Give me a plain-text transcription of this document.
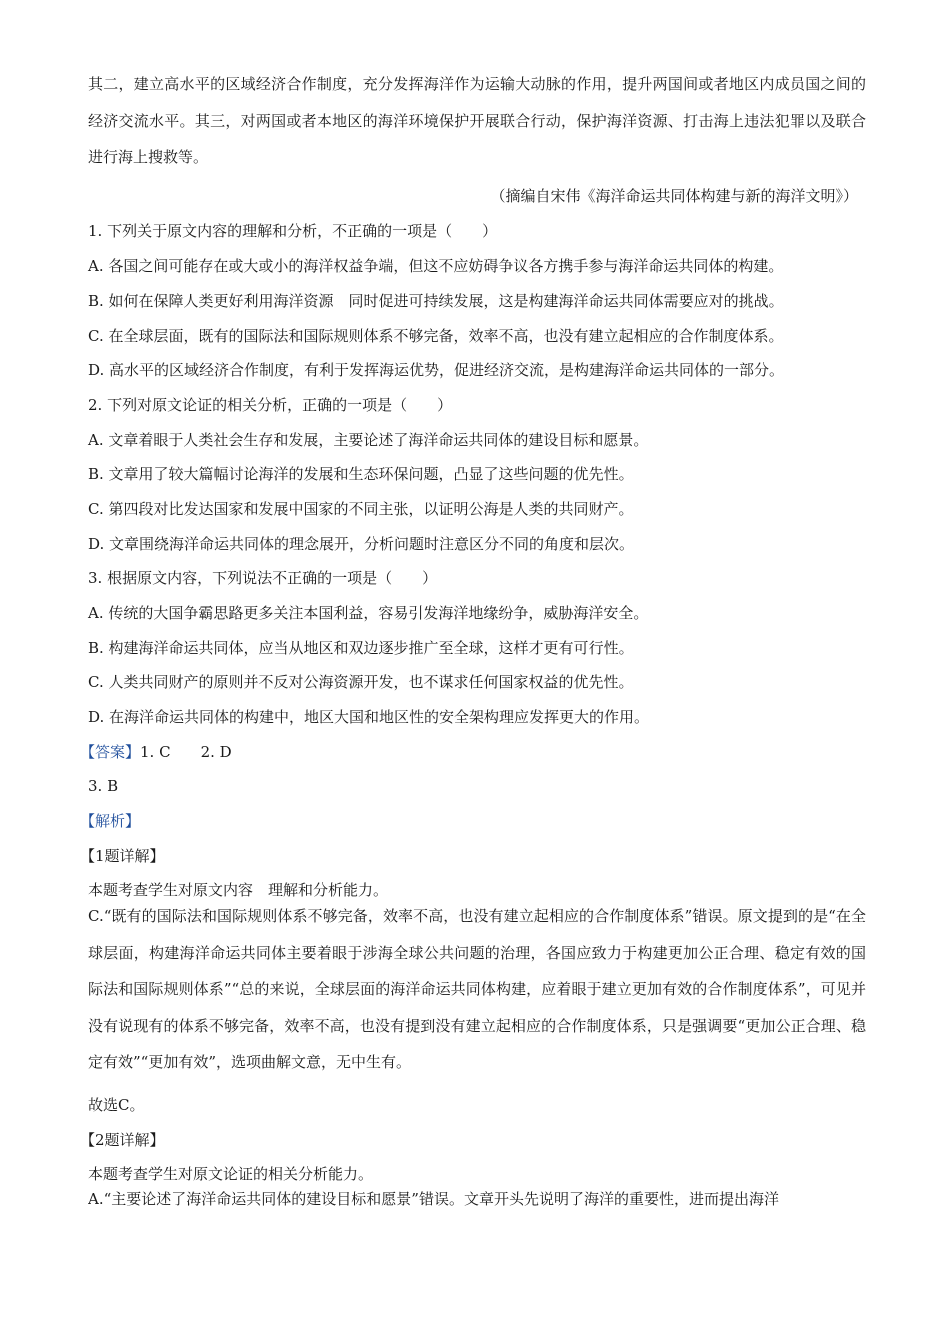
其二，建立高水平的区域经济合作制度，充分发挥海洋作为运输大动脉的作用，提升两国间或者地区内成员国之间的经济交流水平。其三，对两国或者本地区的海洋环境保护开展联合行动，保护海洋资源、打击海上违法犯罪以及联合进行海上搜救等。

（摘编自宋伟《海洋命运共同体构建与新的海洋文明》）
1. 下列关于原文内容的理解和分析，不正确的一项是（　　）
A. 各国之间可能存在或大或小的海洋权益争端，但这不应妨碍争议各方携手参与海洋命运共同体的构建。
B. 如何在保障人类更好利用海洋资源　同时促进可持续发展，这是构建海洋命运共同体需要应对的挑战。
C. 在全球层面，既有的国际法和国际规则体系不够完备，效率不高，也没有建立起相应的合作制度体系。
D. 高水平的区域经济合作制度，有利于发挥海运优势，促进经济交流，是构建海洋命运共同体的一部分。
2. 下列对原文论证的相关分析，正确的一项是（　　）
A. 文章着眼于人类社会生存和发展，主要论述了海洋命运共同体的建设目标和愿景。
B. 文章用了较大篇幅讨论海洋的发展和生态环保问题，凸显了这些问题的优先性。
C. 第四段对比发达国家和发展中国家的不同主张，以证明公海是人类的共同财产。
D. 文章围绕海洋命运共同体的理念展开，分析问题时注意区分不同的角度和层次。
3. 根据原文内容，下列说法不正确的一项是（　　）
A. 传统的大国争霸思路更多关注本国利益，容易引发海洋地缘纷争，威胁海洋安全。
B. 构建海洋命运共同体，应当从地区和双边逐步推广至全球，这样才更有可行性。
C. 人类共同财产的原则并不反对公海资源开发，也不谋求任何国家权益的优先性。
D. 在海洋命运共同体的构建中，地区大国和地区性的安全架构理应发挥更大的作用。
【答案】1. C 2. D
3. B
【解析】
【1题详解】
本题考查学生对原文内容　理解和分析能力。

C.“既有的国际法和国际规则体系不够完备，效率不高，也没有建立起相应的合作制度体系”错误。原文提到的是“在全球层面，构建海洋命运共同体主要着眼于涉海全球公共问题的治理，各国应致力于构建更加公正合理、稳定有效的国际法和国际规则体系”“总的来说，全球层面的海洋命运共同体构建，应着眼于建立更加有效的合作制度体系”，可见并没有说现有的体系不够完备，效率不高，也没有提到没有建立起相应的合作制度体系，只是强调要“更加公正合理、稳定有效”“更加有效”，选项曲解文意，无中生有。

故选C。
【2题详解】
本题考查学生对原文论证的相关分析能力。

A.“主要论述了海洋命运共同体的建设目标和愿景”错误。文章开头先说明了海洋的重要性，进而提出海洋
